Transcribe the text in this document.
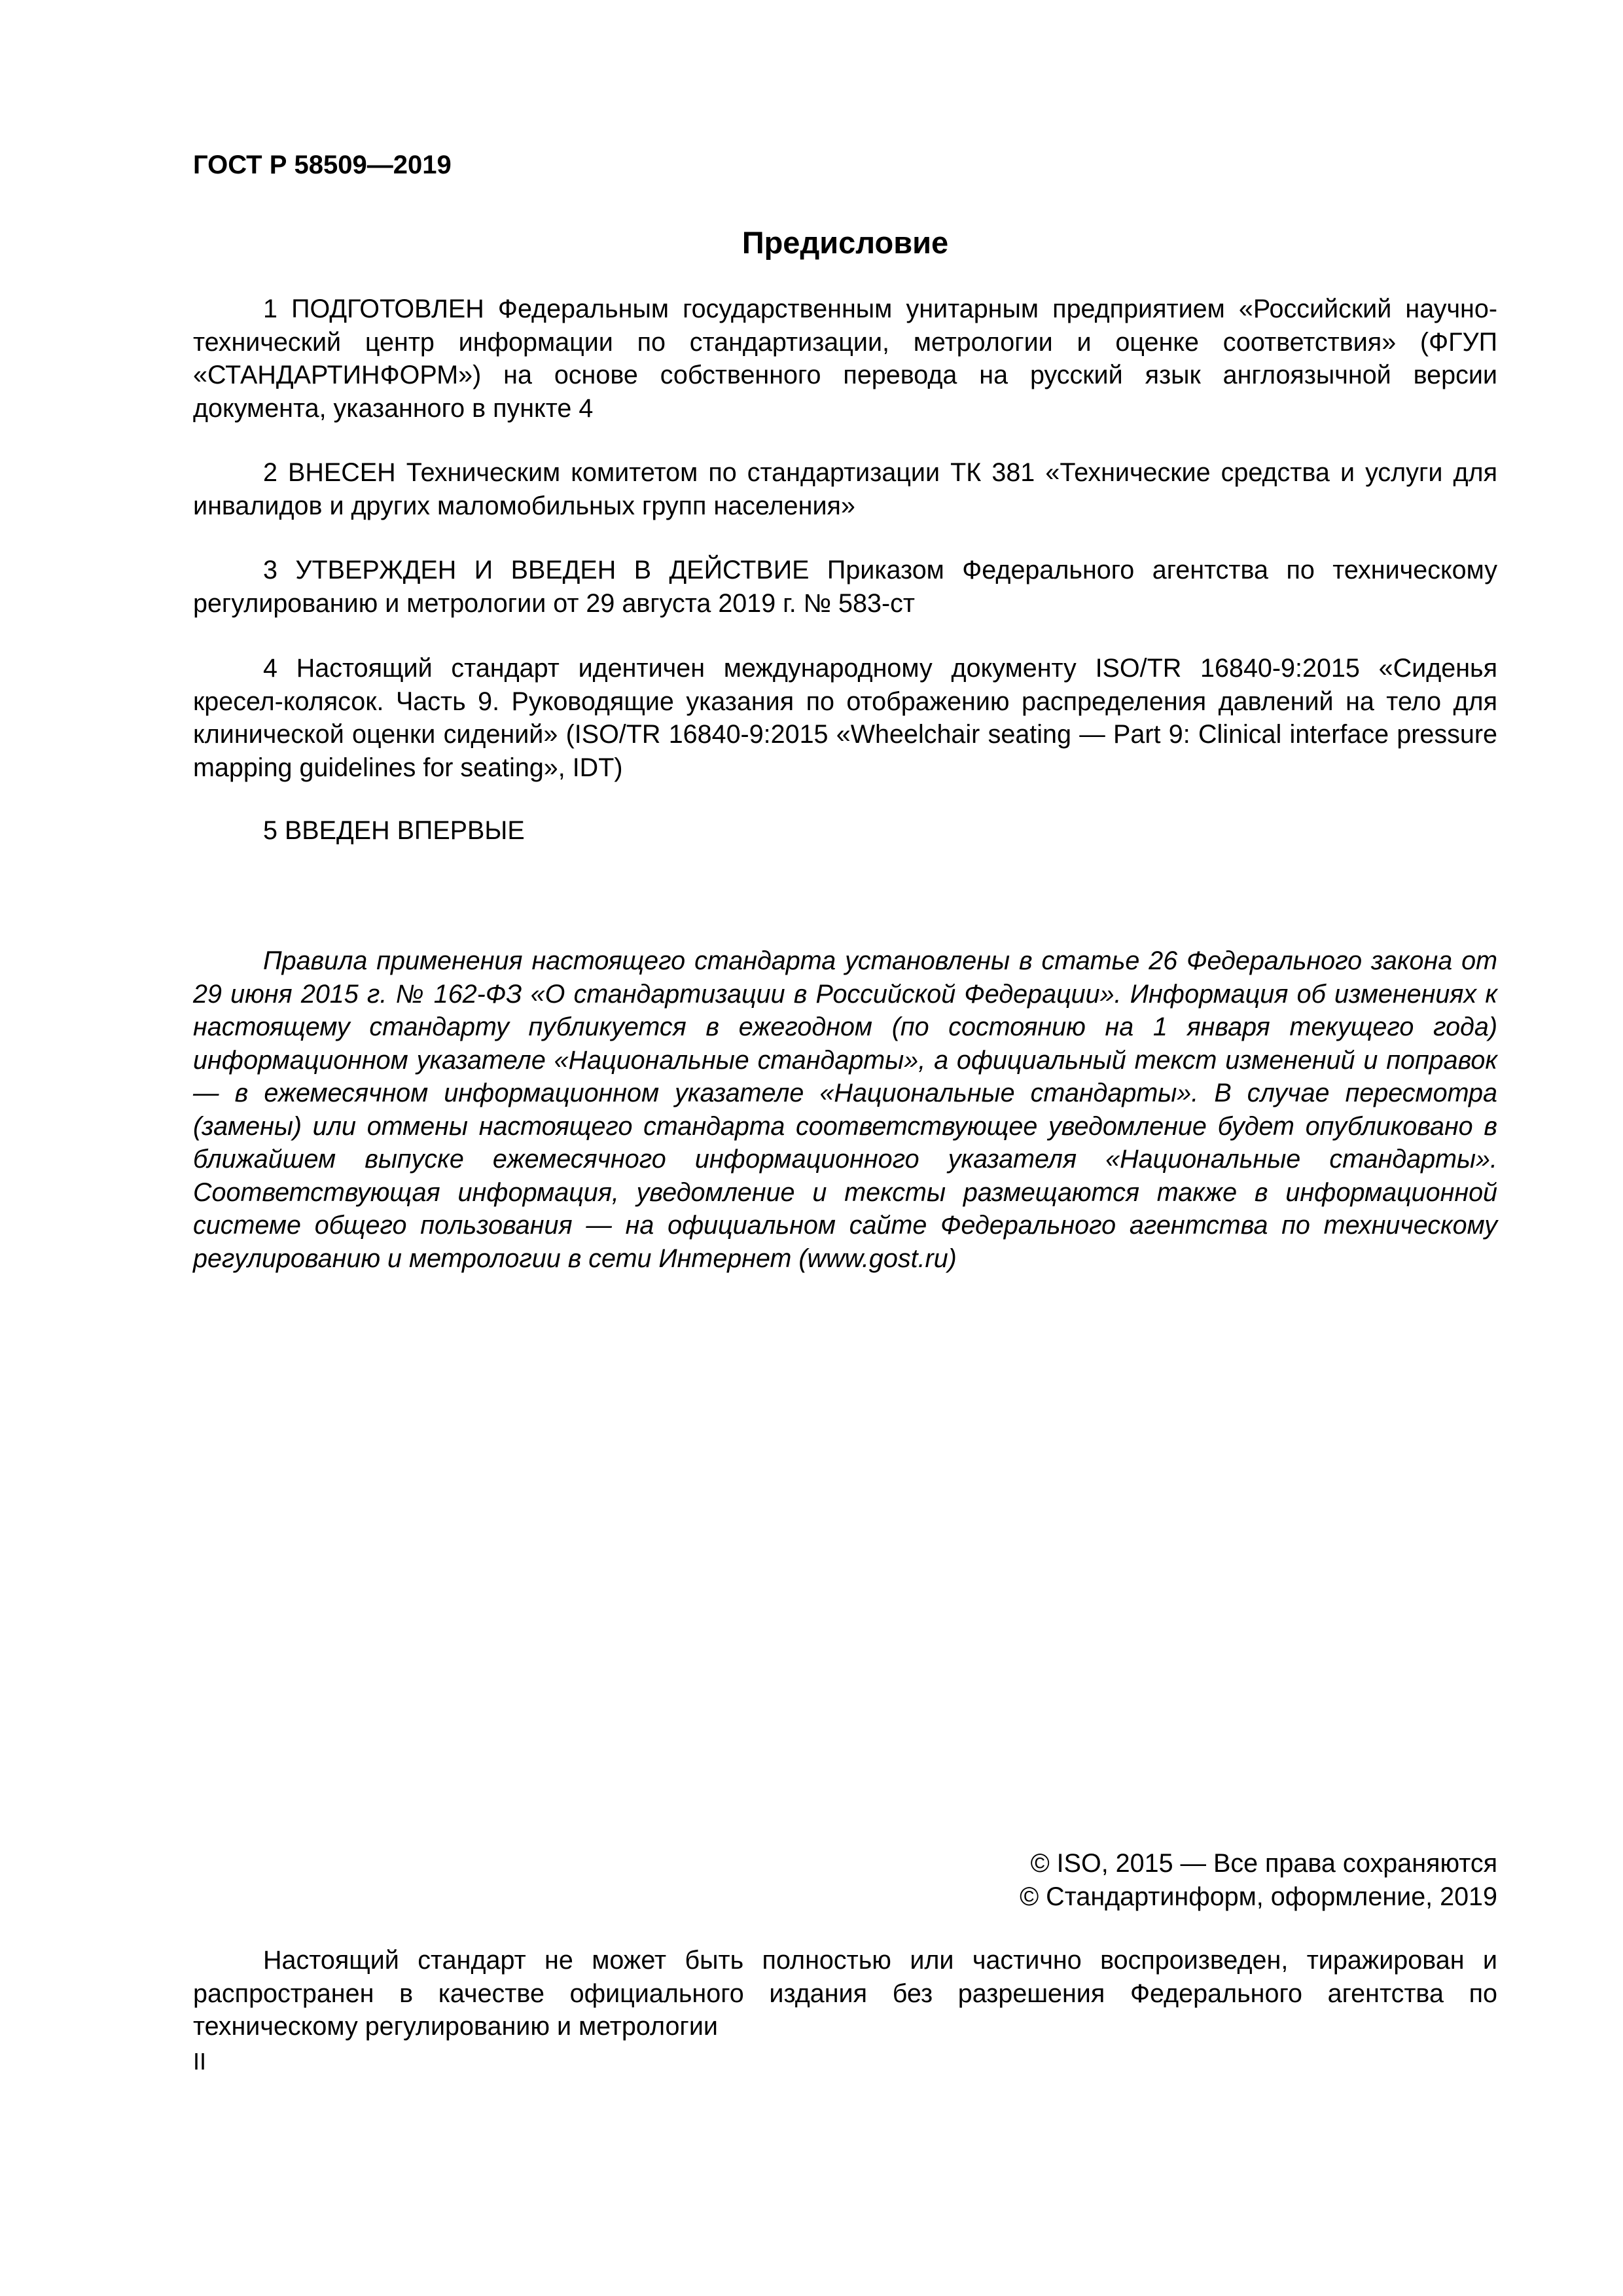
ГОСТ Р 58509—2019
Предисловие

1 ПОДГОТОВЛЕН Федеральным государственным унитарным предприятием «Российский научно-технический центр информации по стандартизации, метрологии и оценке соответствия» (ФГУП «СТАНДАРТИНФОРМ») на основе собственного перевода на русский язык англоязычной версии документа, указанного в пункте 4

2 ВНЕСЕН Техническим комитетом по стандартизации ТК 381 «Технические средства и услуги для инвалидов и других маломобильных групп населения»

3 УТВЕРЖДЕН И ВВЕДЕН В ДЕЙСТВИЕ Приказом Федерального агентства по техническому регулированию и метрологии от 29 августа 2019 г. № 583-ст

4 Настоящий стандарт идентичен международному документу ISO/TR 16840-9:2015 «Сиденья кресел-колясок. Часть 9. Руководящие указания по отображению распределения давлений на тело для клинической оценки сидений» (ISO/TR 16840-9:2015 «Wheelchair seating — Part 9: Clinical interface pressure mapping guidelines for seating», IDT)

5 ВВЕДЕН ВПЕРВЫЕ

Правила применения настоящего стандарта установлены в статье 26 Федерального закона от 29 июня 2015 г. № 162-ФЗ «О стандартизации в Российской Федерации». Информация об изменениях к настоящему стандарту публикуется в ежегодном (по состоянию на 1 января текущего года) информационном указателе «Национальные стандарты», а официальный текст изменений и поправок — в ежемесячном информационном указателе «Национальные стандарты». В случае пересмотра (замены) или отмены настоящего стандарта соответствующее уведомление будет опубликовано в ближайшем выпуске ежемесячного информационного указателя «Национальные стандарты». Соответствующая информация, уведомление и тексты размещаются также в информационной системе общего пользования — на официальном сайте Федерального агентства по техническому регулированию и метрологии в сети Интернет (www.gost.ru)

© ISO, 2015 — Все права сохраняются
© Стандартинформ, оформление, 2019

Настоящий стандарт не может быть полностью или частично воспроизведен, тиражирован и распространен в качестве официального издания без разрешения Федерального агентства по техническому регулированию и метрологии

II
